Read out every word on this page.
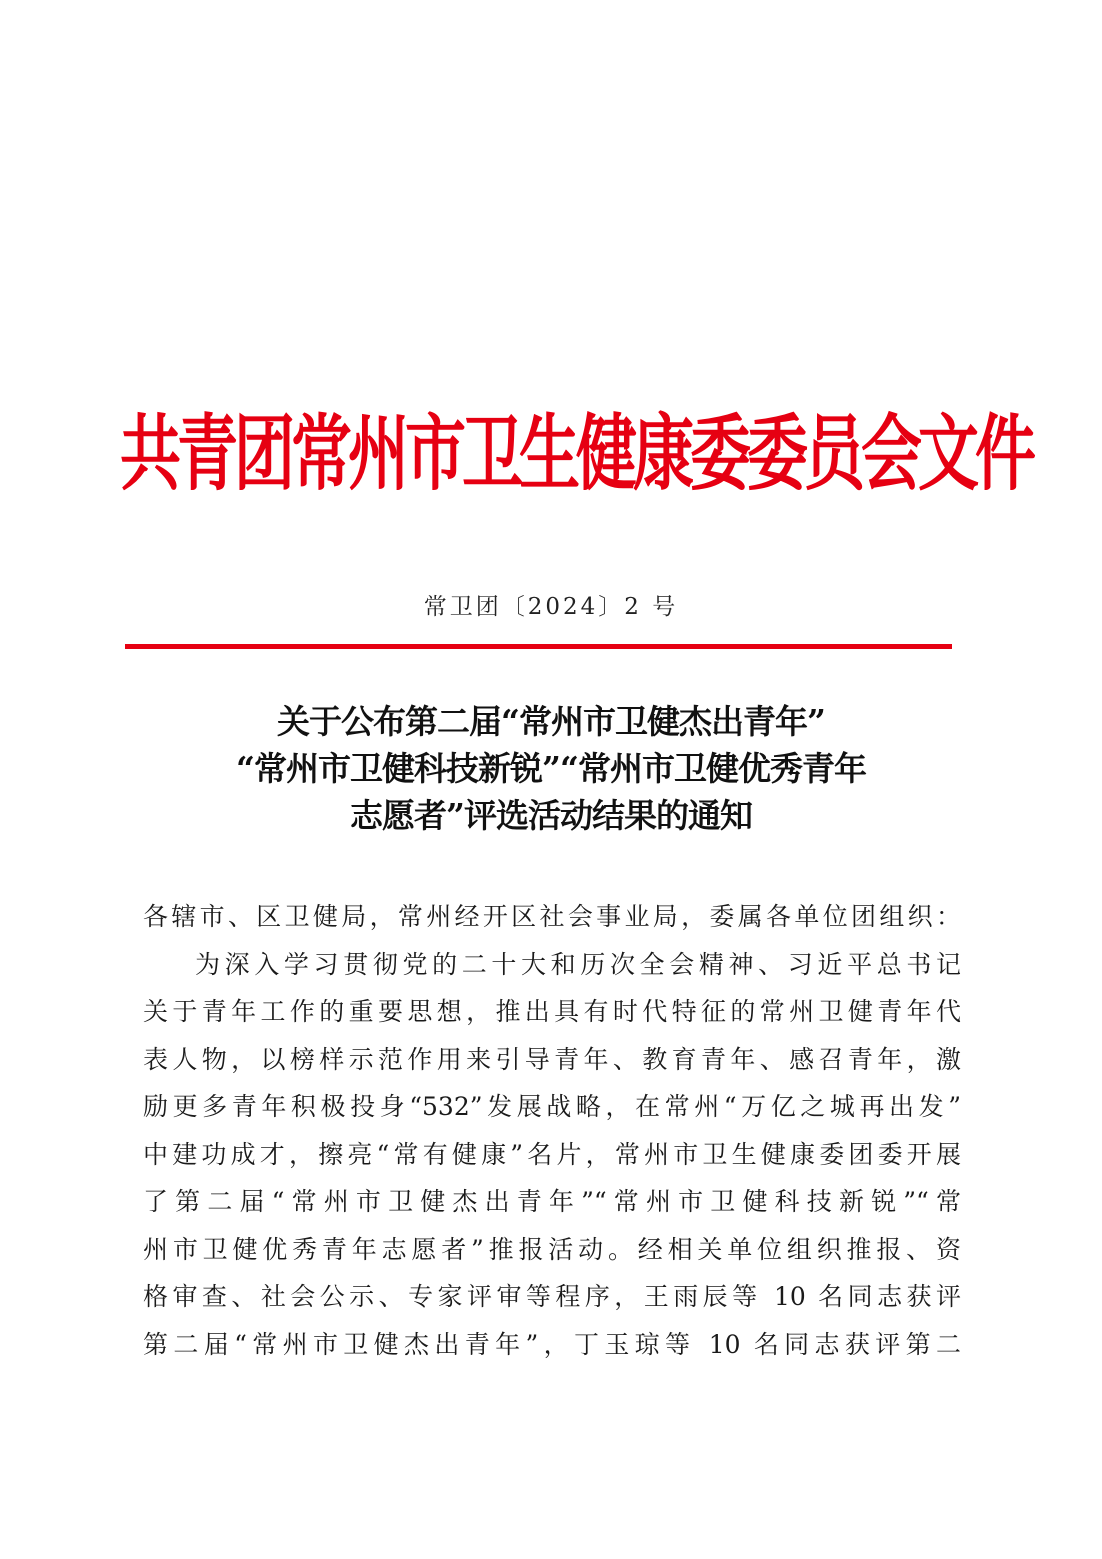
共青团常州市卫生健康委委员会文件
常卫团〔2024〕2 号
关于公布第二届“常州市卫健杰出青年”
“常州市卫健科技新锐”“常州市卫健优秀青年
志愿者”评选活动结果的通知
各辖市、区卫健局，常州经开区社会事业局，委属各单位团组织：
为深入学习贯彻党的二十大和历次全会精神、习近平总书记
关于青年工作的重要思想，推出具有时代特征的常州卫健青年代
表人物，以榜样示范作用来引导青年、教育青年、感召青年，激
励更多青年积极投身“532”发展战略，在常州“万亿之城再出发”
中建功成才，擦亮“常有健康”名片，常州市卫生健康委团委开展
了第二届“常州市卫健杰出青年”“常州市卫健科技新锐”“常
州市卫健优秀青年志愿者”推报活动。经相关单位组织推报、资
格审查、社会公示、专家评审等程序，王雨辰等 10 名同志获评
第二届“常州市卫健杰出青年”，丁玉琼等 10 名同志获评第二
